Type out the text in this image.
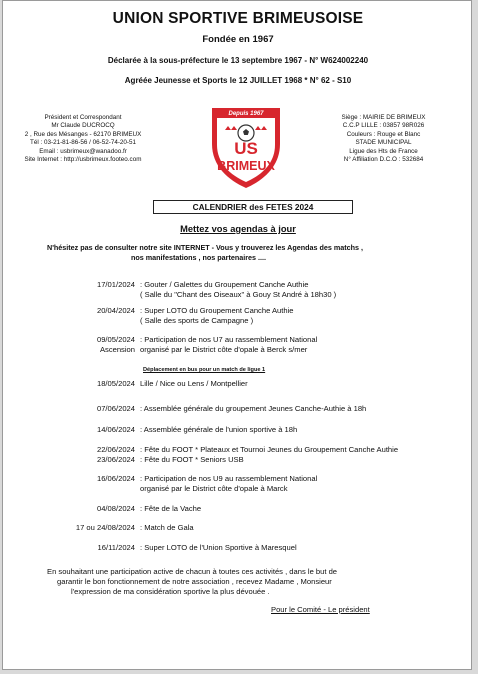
UNION SPORTIVE BRIMEUSOISE
Fondée en 1967
Déclarée à la sous-préfecture le 13 septembre 1967 - N° W624002240
Agréée Jeunesse et Sports le 12 JUILLET 1968 * N° 62 - S10
Président et Correspondant
Mr Claude DUCROCQ
2 , Rue des Mésanges - 62170 BRIMEUX
Tél : 03-21-81-86-56 / 06-52-74-20-51
Email : usbrimeux@wanadoo.fr
Site Internet : http://usbrimeux.footeo.com
Depuis 1967
US
BRIMEUX
Siège : MAIRIE DE BRIMEUX
C.C.P LILLE : 03857 98R026
Couleurs : Rouge et Blanc
STADE MUNICIPAL
Ligue des Hts de France
N° Affiliation D.C.O : 532684
CALENDRIER des FETES 2024
Mettez vos agendas à jour
N'hésitez pas de consulter notre site INTERNET - Vous y trouverez les Agendas des matchs ,
nos manifestations , nos partenaires ....
17/01/2024 : Gouter / Galettes du Groupement Canche Authie
( Salle du "Chant des Oiseaux" à Gouy St André à 18h30 )
20/04/2024 : Super LOTO du Groupement Canche Authie
( Salle des sports de Campagne )
09/05/2024 : Participation de nos U7 au rassemblement National
Ascension organisé par le District côte d'opale à Berck s/mer
Déplacement en bus pour un match de ligue 1
18/05/2024 Lille / Nice ou Lens / Montpellier
07/06/2024 : Assemblée générale du groupement Jeunes Canche-Authie à 18h
14/06/2024 : Assemblée générale de l'union sportive à 18h
22/06/2024 : Fête du FOOT * Plateaux et Tournoi Jeunes du Groupement Canche Authie
23/06/2024 : Fête du FOOT * Seniors USB
16/06/2024 : Participation de nos U9 au rassemblement National
organisé par le District côte d'opale à Marck
04/08/2024 : Fête de la Vache
17 ou 24/08/2024 : Match de Gala
16/11/2024 : Super LOTO de l'Union Sportive à Maresquel
En souhaitant une participation active de chacun à toutes ces activités , dans le but de
garantir le bon fonctionnement de notre association , recevez Madame , Monsieur
l'expression de ma considération sportive la plus dévouée .
Pour le Comité - Le président
